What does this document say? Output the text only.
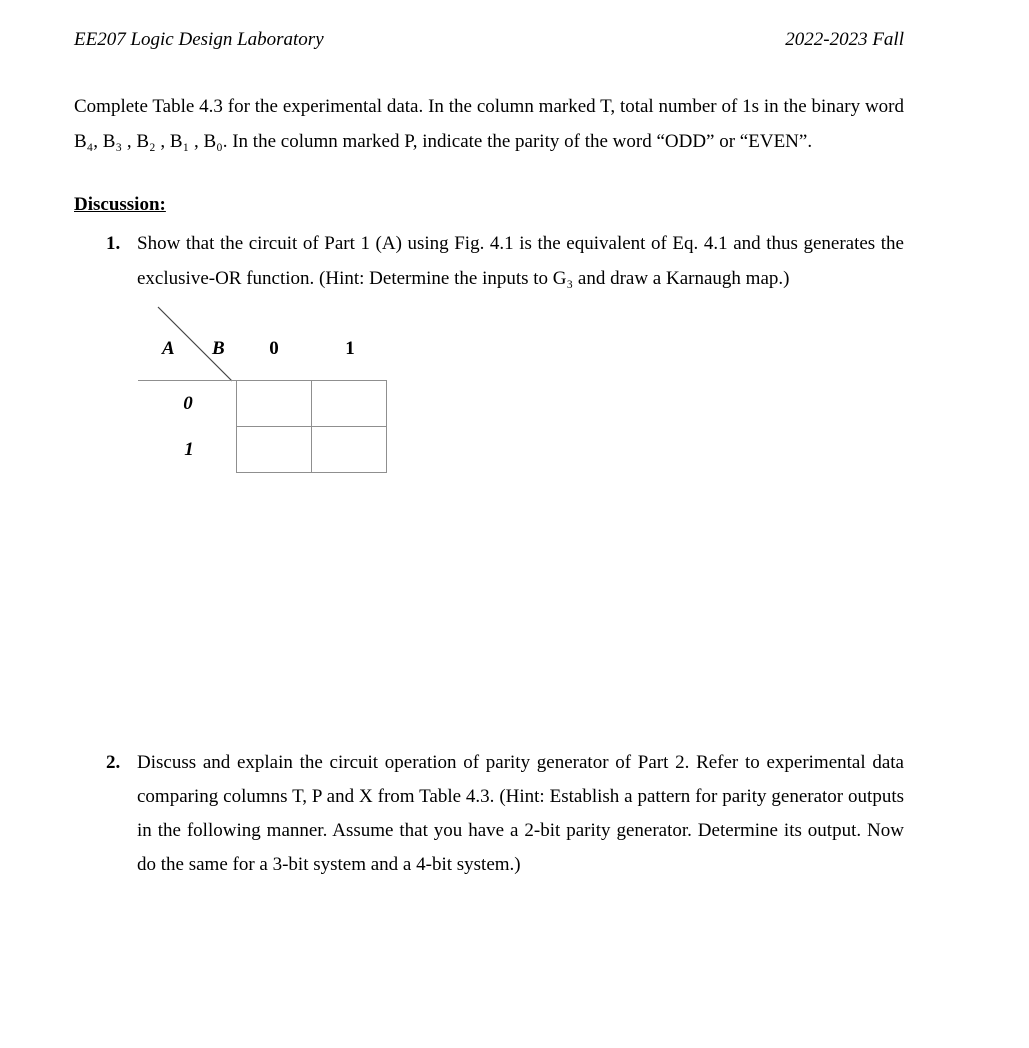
EE207 Logic Design Laboratory	2022-2023 Fall

Complete Table 4.3 for the experimental data. In the column marked T, total number of 1s in the binary word B₄, B₃ , B₂ , B₁ , B₀. In the column marked P, indicate the parity of the word “ODD” or “EVEN”.

Discussion:
1. Show that the circuit of Part 1 (A) using Fig. 4.1 is the equivalent of Eq. 4.1 and thus generates the exclusive-OR function. (Hint: Determine the inputs to G₃ and draw a Karnaugh map.)
A B 0	1
0
1

2. Discuss and explain the circuit operation of parity generator of Part 2. Refer to experimental data comparing columns T, P and X from Table 4.3. (Hint: Establish a pattern for parity generator outputs in the following manner. Assume that you have a 2-bit parity generator. Determine its output. Now do the same for a 3-bit system and a 4-bit system.)
